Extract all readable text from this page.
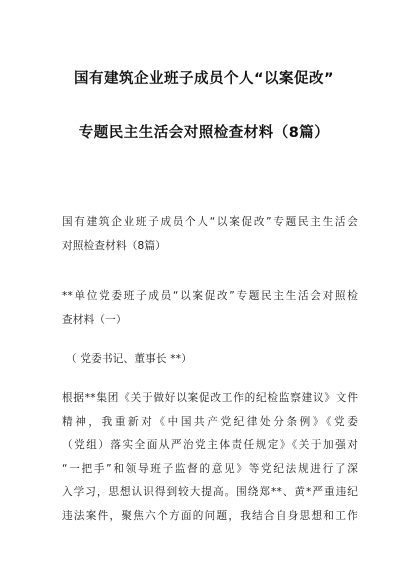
国有建筑企业班子成员个人“以案促改”
专题民主生活会对照检查材料（8篇）
国有建筑企业班子成员个人“以案促改”专题民主生活会
对照检查材料（8篇）
**单位党委班子成员“以案促改”专题民主生活会对照检
查材料（一）
（ 党委书记、董事长 **）
根据**集团《关于做好以案促改工作的纪检监察建议》文件
精神，我重新对《中国共产党纪律处分条例》《党委
（党组）落实全面从严治党主体责任规定》《关于加强对
“一把手”和领导班子监督的意见》等党纪法规进行了深
入学习，思想认识得到较大提高。围绕郑**、黄*严重违纪
违法案件，聚焦六个方面的问题，我结合自身思想和工作
